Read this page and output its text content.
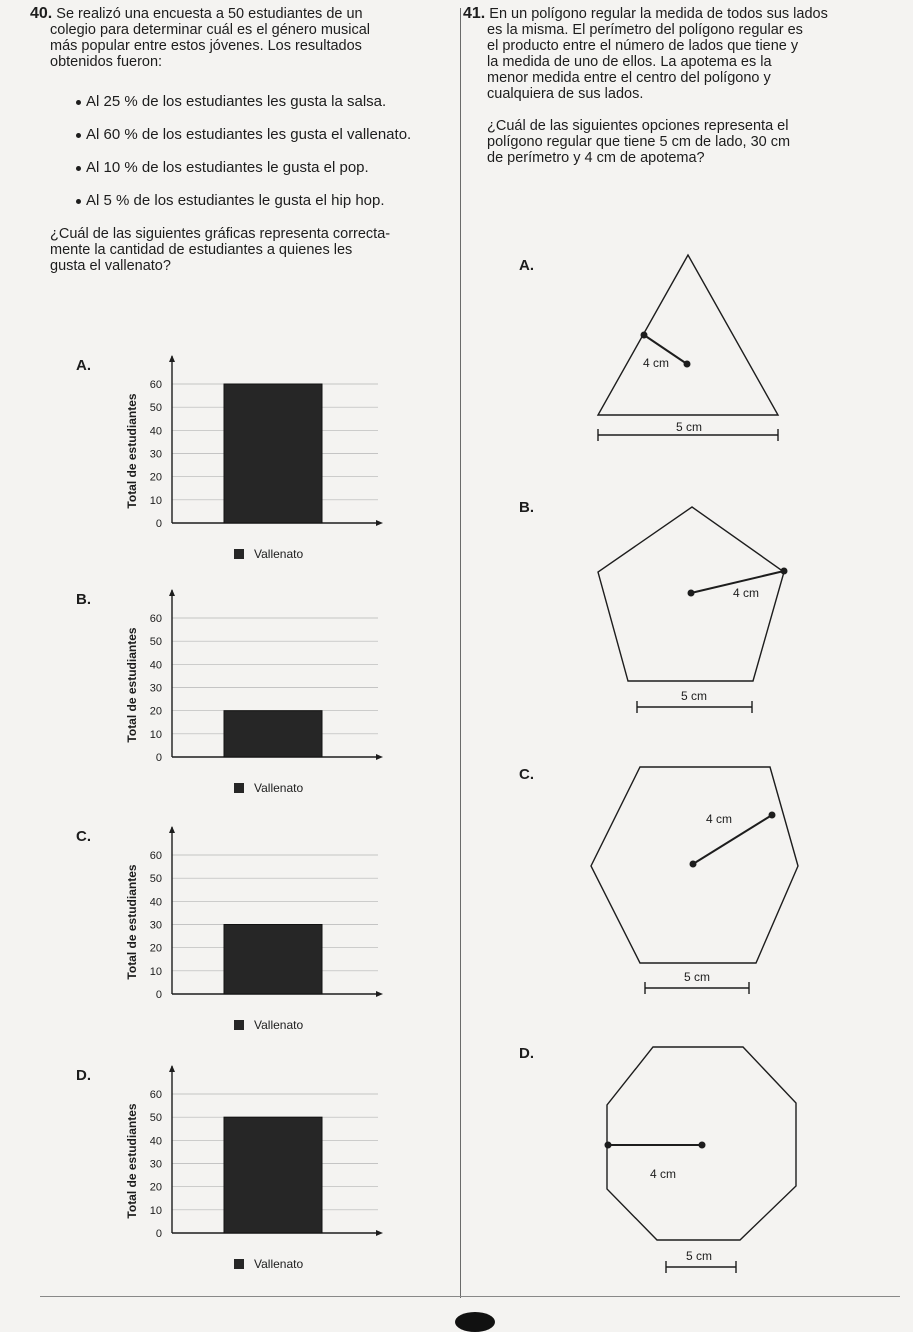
40. Se realizó una encuesta a 50 estudiantes de un
colegio para determinar cuál es el género musical
más popular entre estos jóvenes. Los resultados
obtenidos fueron:
Al 25 % de los estudiantes les gusta la salsa.
Al 60 % de los estudiantes les gusta el vallenato.
Al 10 % de los estudiantes le gusta el pop.
Al 5 % de los estudiantes le gusta el hip hop.
¿Cuál de las siguientes gráficas representa correcta-
mente la cantidad de estudiantes a quienes les
gusta el vallenato?
A.
0
10
20
30
40
50
60
Total de estudiantes
Vallenato
B.
0
10
20
30
40
50
60
Total de estudiantes
Vallenato
C.
0
10
20
30
40
50
60
Total de estudiantes
Vallenato
D.
0
10
20
30
40
50
60
Total de estudiantes
Vallenato
41. En un polígono regular la medida de todos sus lados
es la misma. El perímetro del polígono regular es
el producto entre el número de lados que tiene y
la medida de uno de ellos. La apotema es la
menor medida entre el centro del polígono y
cualquiera de sus lados.
¿Cuál de las siguientes opciones representa el
polígono regular que tiene 5 cm de lado, 30 cm
de perímetro y 4 cm de apotema?
A.
4 cm
5 cm
B.
4 cm
5 cm
C.
4 cm
5 cm
D.
4 cm
5 cm
